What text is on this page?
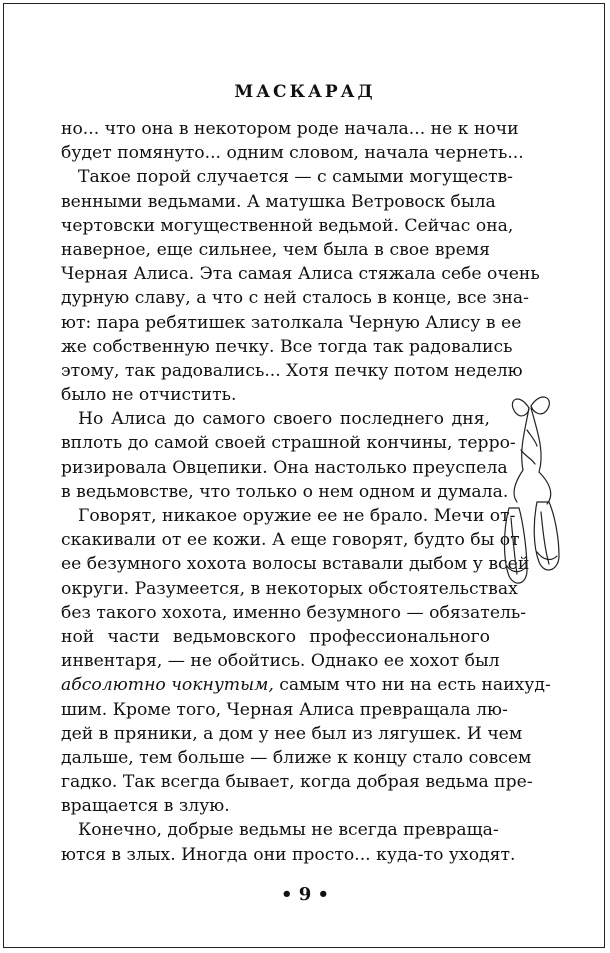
МАСКАРАД
но... что она в некотором роде начала... не к ночи
будет помянуто... одним словом, начала чернеть...
Такое порой случается — с самыми могуществ-
венными ведьмами. А матушка Ветровоск была
чертовски могущественной ведьмой. Сейчас она,
наверное, еще сильнее, чем была в свое время
Черная Алиса. Эта самая Алиса стяжала себе очень
дурную славу, а что с ней сталось в конце, все зна-
ют: пара ребятишек затолкала Черную Алису в ее
же собственную печку. Все тогда так радовались
этому, так радовались... Хотя печку потом неделю
было не отчистить.
Но Алиса до самого своего последнего дня,
вплоть до самой своей страшной кончины, терро-
ризировала Овцепики. Она настолько преуспела
в ведьмовстве, что только о нем одном и думала.
Говорят, никакое оружие ее не брало. Мечи от-
скакивали от ее кожи. А еще говорят, будто бы от
ее безумного хохота волосы вставали дыбом у всей
округи. Разумеется, в некоторых обстоятельствах
без такого хохота, именно безумного — обязатель-
ной части ведьмовского профессионального
инвентаря, — не обойтись. Однако ее хохот был
абсолютно чокнутым, самым что ни на есть наихуд-
шим. Кроме того, Черная Алиса превращала лю-
дей в пряники, а дом у нее был из лягушек. И чем
дальше, тем больше — ближе к концу стало совсем
гадко. Так всегда бывает, когда добрая ведьма пре-
вращается в злую.
Конечно, добрые ведьмы не всегда превраща-
ются в злых. Иногда они просто... куда-то уходят.
• 9 •
